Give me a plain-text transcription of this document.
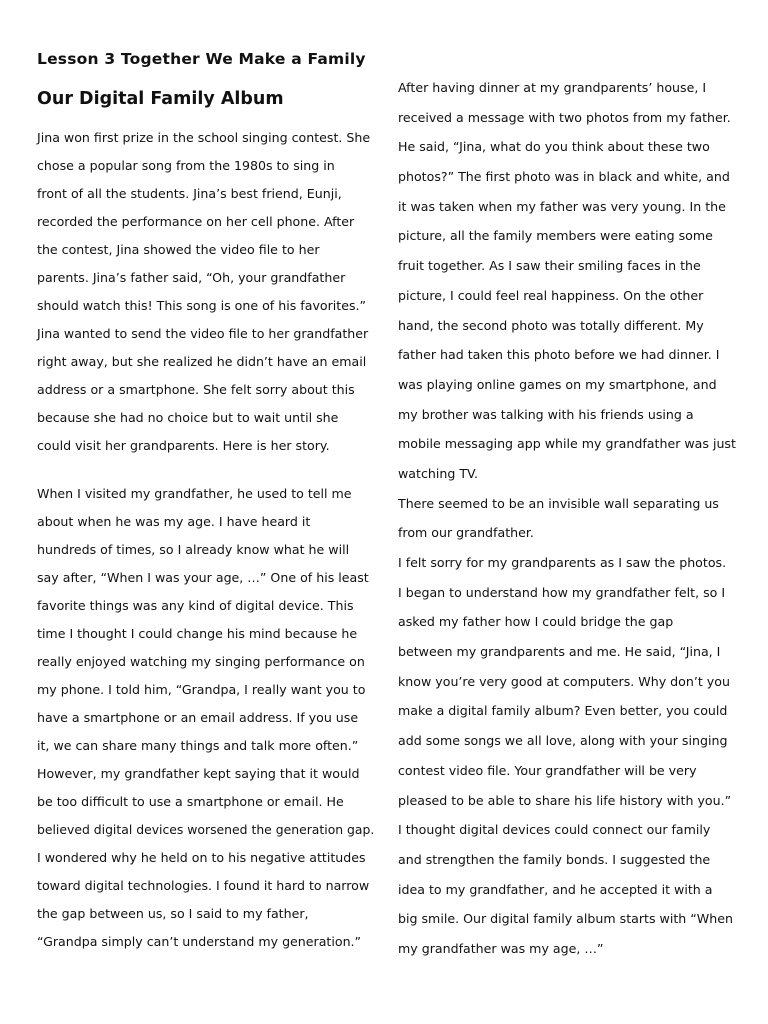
Lesson 3 Together We Make a Family
Our Digital Family Album
Jina won first prize in the school singing contest. She
chose a popular song from the 1980s to sing in
front of all the students. Jina’s best friend, Eunji,
recorded the performance on her cell phone. After
the contest, Jina showed the video file to her
parents. Jina’s father said, “Oh, your grandfather
should watch this! This song is one of his favorites.”
Jina wanted to send the video file to her grandfather
right away, but she realized he didn’t have an email
address or a smartphone. She felt sorry about this
because she had no choice but to wait until she
could visit her grandparents. Here is her story.
When I visited my grandfather, he used to tell me
about when he was my age. I have heard it
hundreds of times, so I already know what he will
say after, “When I was your age, …” One of his least
favorite things was any kind of digital device. This
time I thought I could change his mind because he
really enjoyed watching my singing performance on
my phone. I told him, “Grandpa, I really want you to
have a smartphone or an email address. If you use
it, we can share many things and talk more often.”
However, my grandfather kept saying that it would
be too difficult to use a smartphone or email. He
believed digital devices worsened the generation gap.
I wondered why he held on to his negative attitudes
toward digital technologies. I found it hard to narrow
the gap between us, so I said to my father,
“Grandpa simply can’t understand my generation.”
After having dinner at my grandparents’ house, I
received a message with two photos from my father.
He said, “Jina, what do you think about these two
photos?” The first photo was in black and white, and
it was taken when my father was very young. In the
picture, all the family members were eating some
fruit together. As I saw their smiling faces in the
picture, I could feel real happiness. On the other
hand, the second photo was totally different. My
father had taken this photo before we had dinner. I
was playing online games on my smartphone, and
my brother was talking with his friends using a
mobile messaging app while my grandfather was just
watching TV.
There seemed to be an invisible wall separating us
from our grandfather.
I felt sorry for my grandparents as I saw the photos.
I began to understand how my grandfather felt, so I
asked my father how I could bridge the gap
between my grandparents and me. He said, “Jina, I
know you’re very good at computers. Why don’t you
make a digital family album? Even better, you could
add some songs we all love, along with your singing
contest video file. Your grandfather will be very
pleased to be able to share his life history with you.”
I thought digital devices could connect our family
and strengthen the family bonds. I suggested the
idea to my grandfather, and he accepted it with a
big smile. Our digital family album starts with “When
my grandfather was my age, …”
